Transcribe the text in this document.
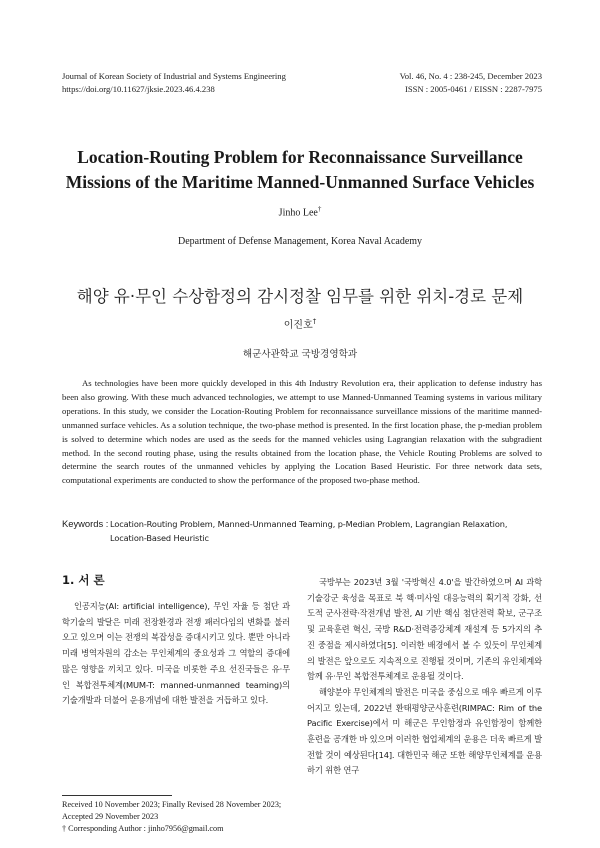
Journal of Korean Society of Industrial and Systems Engineering
https://doi.org/10.11627/jksie.2023.46.4.238
Vol. 46, No. 4 : 238-245, December 2023
ISSN : 2005-0461 / EISSN : 2287-7975
Location-Routing Problem for Reconnaissance Surveillance
Missions of the Maritime Manned-Unmanned Surface Vehicles
Jinho Lee†
Department of Defense Management, Korea Naval Academy
해양 유·무인 수상함정의 감시정찰 임무를 위한 위치-경로 문제
이진호†
해군사관학교 국방경영학과
As technologies have been more quickly developed in this 4th Industry Revolution era, their application to defense industry has been also growing. With these much advanced technologies, we attempt to use Manned-Unmanned Teaming systems in various military operations. In this study, we consider the Location-Routing Problem for reconnaissance surveillance missions of the maritime manned-unmanned surface vehicles. As a solution technique, the two-phase method is presented. In the first location phase, the p-median problem is solved to determine which nodes are used as the seeds for the manned vehicles using Lagrangian relaxation with the subgradient method. In the second routing phase, using the results obtained from the location phase, the Vehicle Routing Problems are solved to determine the search routes of the unmanned vehicles by applying the Location Based Heuristic. For three network data sets, computational experiments are conducted to show the performance of the proposed two-phase method.
Keywords : Location-Routing Problem, Manned-Unmanned Teaming, p-Median Problem, Lagrangian Relaxation,
Location-Based Heuristic
1. 서 론

인공지능(AI: artificial intelligence), 무인 자율 등 첨단 과학기술의 발달은 미래 전장환경과 전쟁 패러다임의 변화를 불러오고 있으며 이는 전쟁의 복잡성을 증대시키고 있다. 뿐만 아니라 미래 병역자원의 감소는 무인체계의 중요성과 그 역할의 증대에 많은 영향을 끼치고 있다. 미국을 비롯한 주요 선진국들은 유·무인 복합전투체계(MUM-T: manned-unmanned teaming)의 기술개발과 더불어 운용개념에 대한 발전을 거듭하고 있다.

국방부는 2023년 3월 '국방혁신 4.0'을 발간하였으며 AI 과학기술강군 육성을 목표로 북 핵·미사일 대응능력의 획기적 강화, 선도적 군사전략·작전개념 발전, AI 기반 핵심 첨단전력 확보, 군구조 및 교육훈련 혁신, 국방 R&D·전력증강체계 재설계 등 5가지의 추진 중점을 제시하였다[5]. 이러한 배경에서 볼 수 있듯이 무인체계의 발전은 앞으로도 지속적으로 진행될 것이며, 기존의 유인체계와 함께 유·무인 복합전투체계로 운용될 것이다.

해양분야 무인체계의 발전은 미국을 중심으로 매우 빠르게 이루어지고 있는데, 2022년 환태평양군사훈련(RIMPAC: Rim of the Pacific Exercise)에서 미 해군은 무인함정과 유인함정이 함께한 훈련을 공개한 바 있으며 이러한 협업체계의 운용은 더욱 빠르게 발전할 것이 예상된다[14]. 대한민국 해군 또한 해양무인체계를 운용하기 위한 연구

Received 10 November 2023; Finally Revised 28 November 2023;
Accepted 29 November 2023
† Corresponding Author : jinho7956@gmail.com
